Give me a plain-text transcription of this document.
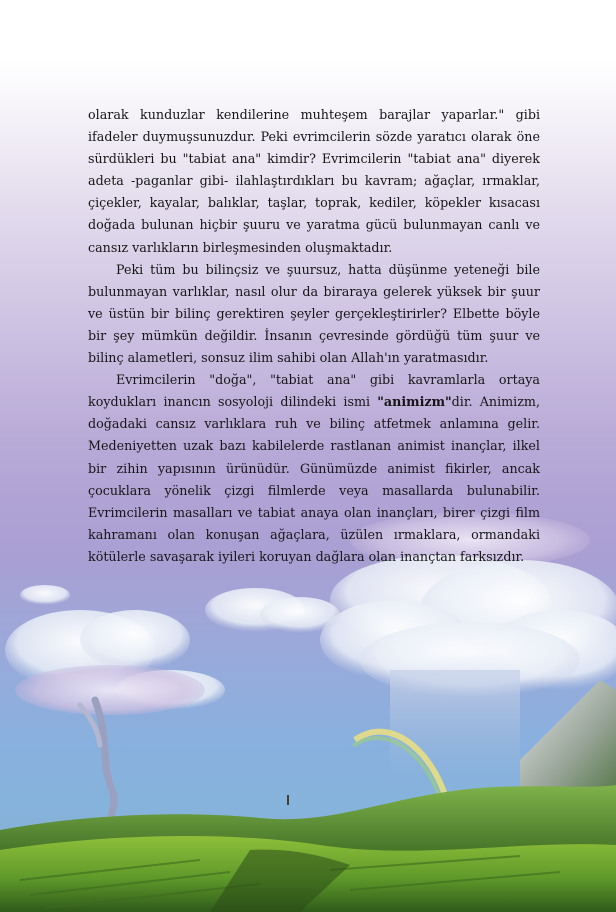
olarak kunduzlar kendilerine muhteşem barajlar yaparlar." gibi ifadeler duymuşsunuzdur. Peki evrimcilerin sözde yaratıcı olarak öne sürdükleri bu "tabiat ana" kimdir? Evrimcilerin "tabiat ana" diyerek adeta -paganlar gibi- ilahlaştırdıkları bu kavram; ağaçlar, ırmaklar, çiçekler, kayalar, balıklar, taşlar, toprak, kediler, köpekler kısacası doğada bulunan hiçbir şuuru ve yaratma gücü bulunmayan canlı ve cansız varlıkların birleşmesinden oluşmaktadır.

Peki tüm bu bilinçsiz ve şuursuz, hatta düşünme yeteneği bile bulunmayan varlıklar, nasıl olur da biraraya gelerek yüksek bir şuur ve üstün bir bilinç gerektiren şeyler gerçekleştirirler? Elbette böyle bir şey mümkün değildir. İnsanın çevresinde gördüğü tüm şuur ve bilinç alametleri, sonsuz ilim sahibi olan Allah'ın yaratmasıdır.

Evrimcilerin "doğa", "tabiat ana" gibi kavramlarla ortaya koydukları inancın sosyoloji dilindeki ismi "animizm"dir. Animizm, doğadaki cansız varlıklara ruh ve bilinç atfetmek anlamına gelir. Medeniyetten uzak bazı kabilelerde rastlanan animist inançlar, ilkel bir zihin yapısının ürünüdür. Günümüzde animist fikirler, ancak çocuklara yönelik çizgi filmlerde veya masallarda bulunabilir. Evrimcilerin masalları ve tabiat anaya olan inançları, birer çizgi film kahramanı olan konuşan ağaçlara, üzülen ırmaklara, ormandaki kötülerle savaşarak iyileri koruyan dağlara olan inançtan farksızdır.
